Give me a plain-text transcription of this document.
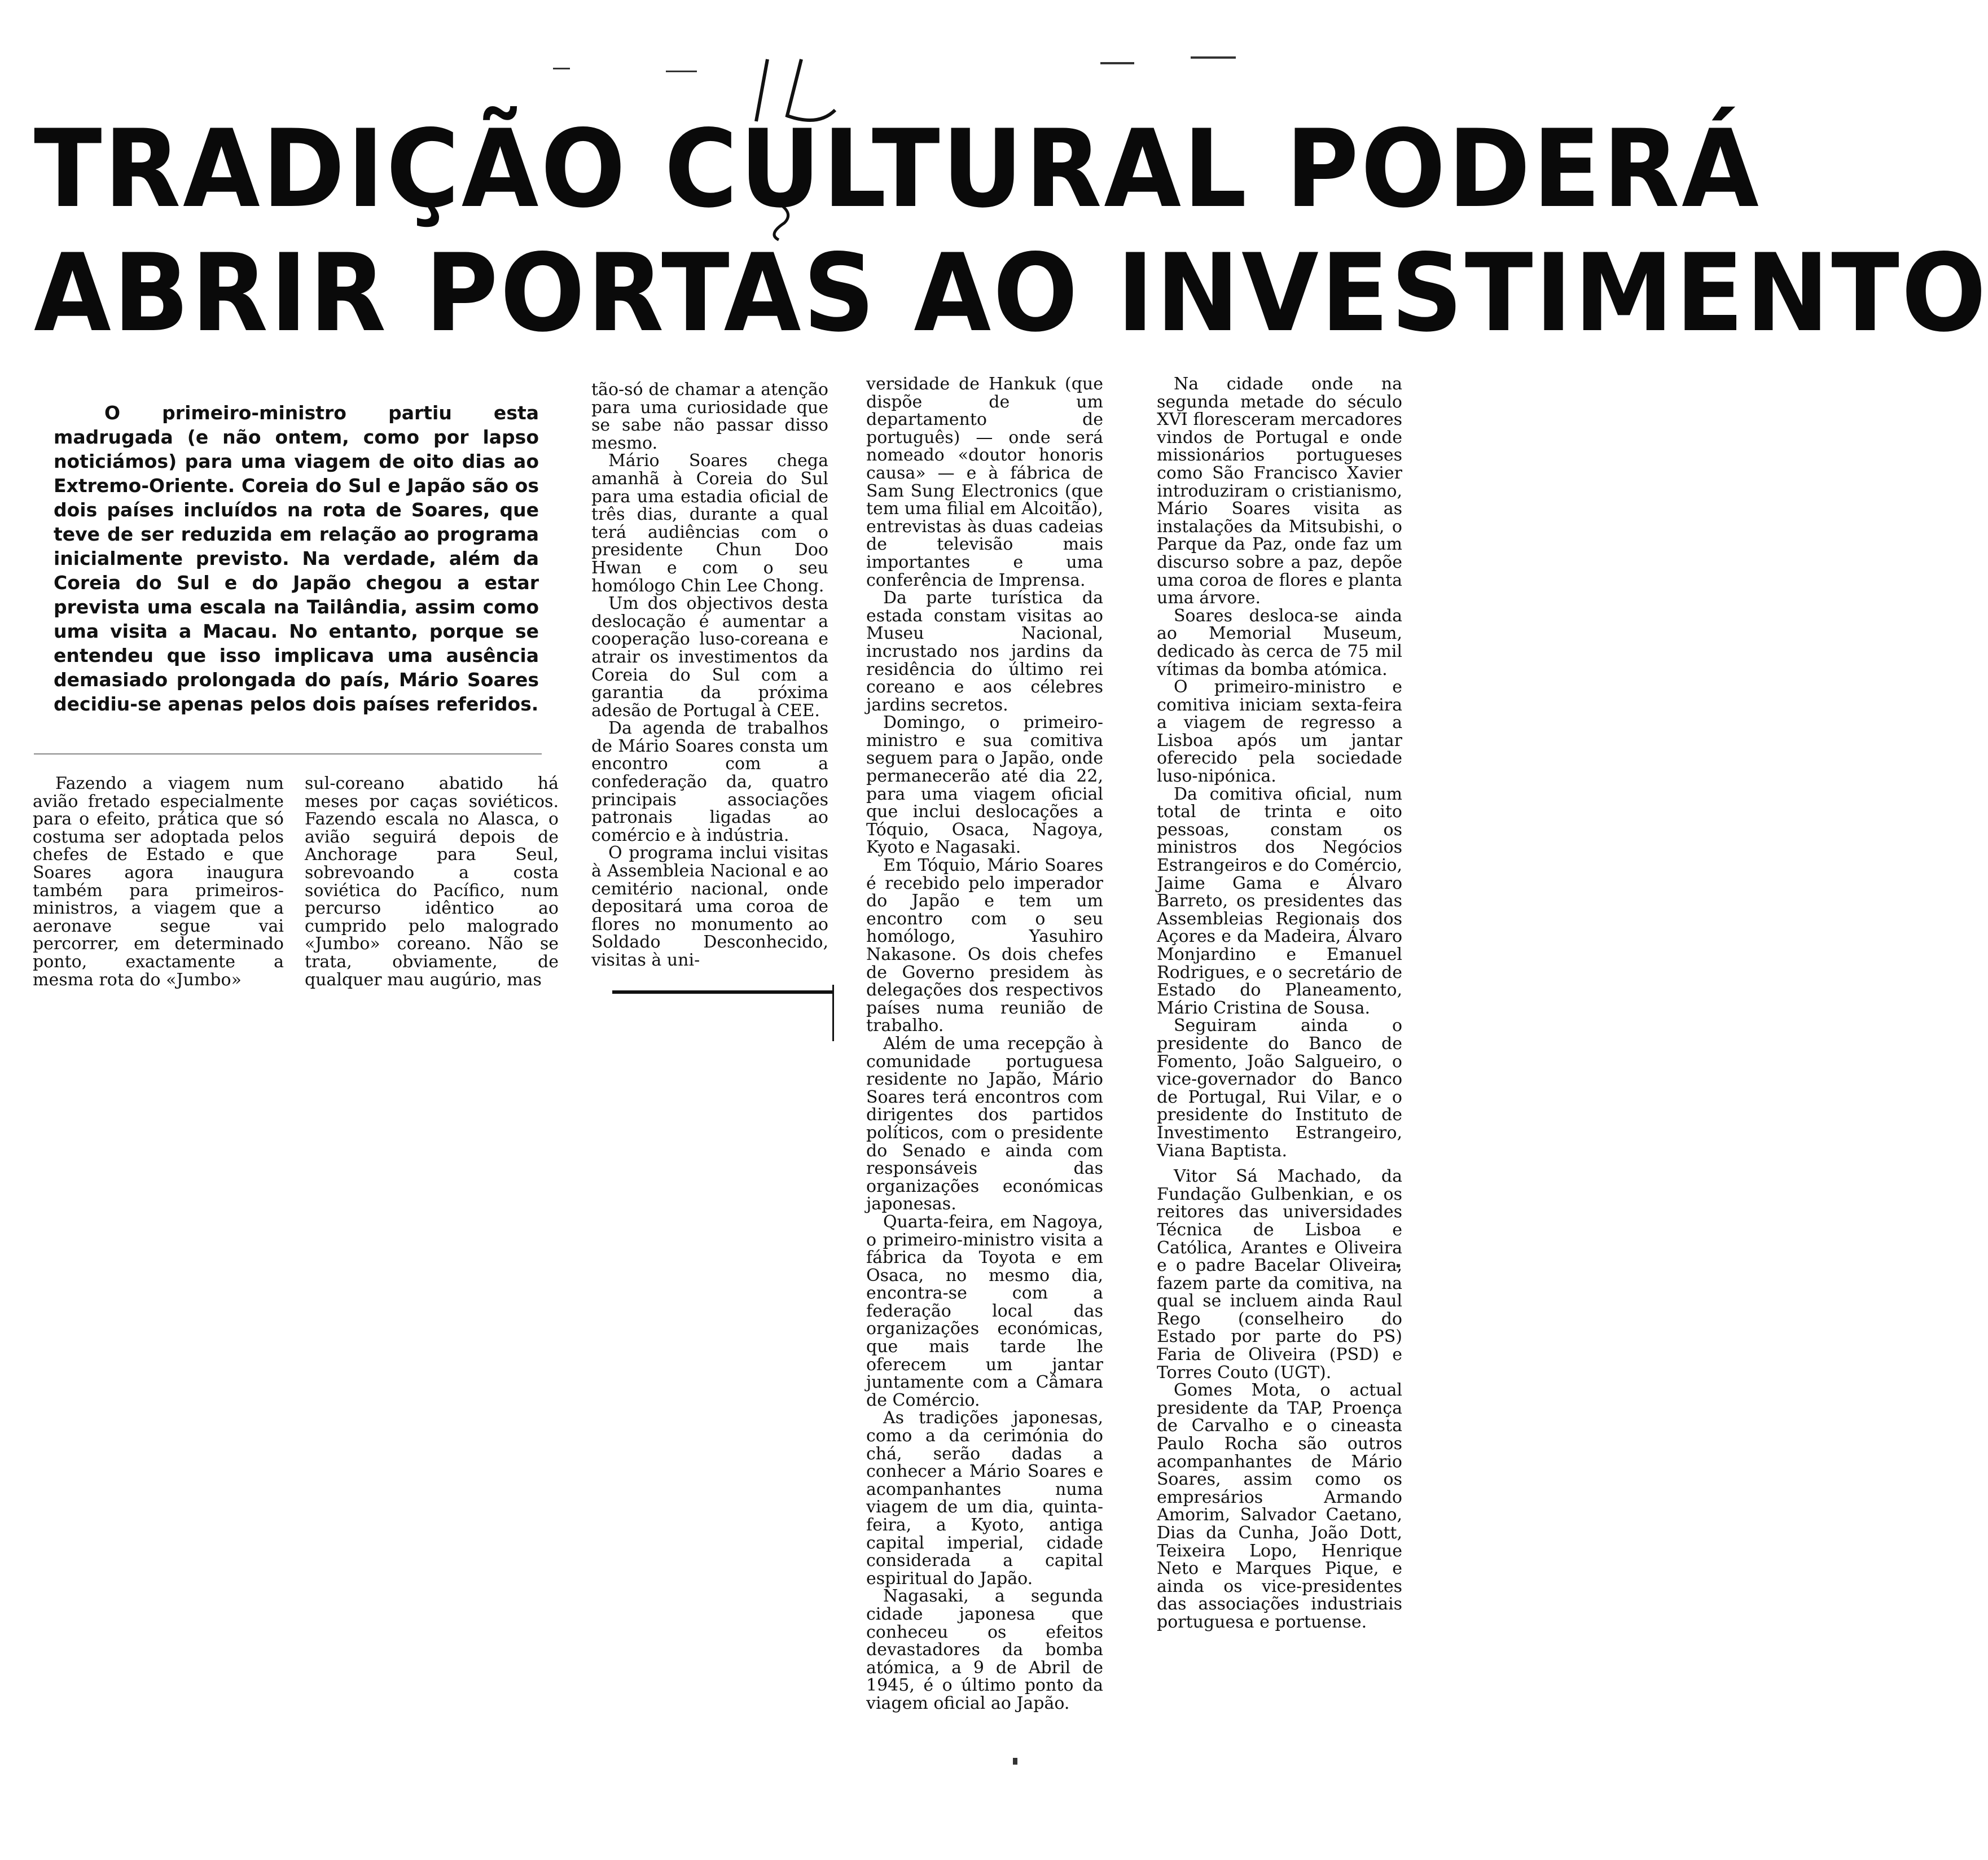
TRADIÇÃO CULTURAL PODERÁ
ABRIR PORTAS AO INVESTIMENTO

O primeiro-ministro partiu esta madrugada (e não ontem, como por lapso noticiámos) para uma viagem de oito dias ao Extremo-Oriente. Coreia do Sul e Japão são os dois países incluídos na rota de Soares, que teve de ser reduzida em relação ao programa inicialmente previsto. Na verdade, além da Coreia do Sul e do Japão chegou a estar prevista uma escala na Tailândia, assim como uma visita a Macau. No entanto, porque se entendeu que isso implicava uma ausência demasiado prolongada do país, Mário Soares decidiu-se apenas pelos dois países referidos.

Fazendo a viagem num avião fretado especialmente para o efeito, prática que só costuma ser adoptada pelos chefes de Estado e que Soares agora inaugura também para primeiros-ministros, a viagem que a aeronave segue vai percorrer, em determinado ponto, exactamente a mesma rota do «Jumbo»

sul-coreano abatido há meses por caças soviéticos. Fazendo escala no Alasca, o avião seguirá depois de Anchorage para Seul, sobrevoando a costa soviética do Pacífico, num percurso idêntico ao cumprido pelo malogrado «Jumbo» coreano. Não se trata, obviamente, de qualquer mau augúrio, mas

tão-só de chamar a atenção para uma curiosidade que se sabe não passar disso mesmo.

Mário Soares chega amanhã à Coreia do Sul para uma estadia oficial de três dias, durante a qual terá audiências com o presidente Chun Doo Hwan e com o seu homólogo Chin Lee Chong.

Um dos objectivos desta deslocação é aumentar a cooperação luso-coreana e atrair os investimentos da Coreia do Sul com a garantia da próxima adesão de Portugal à CEE.

Da agenda de trabalhos de Mário Soares consta um encontro com a confederação da, quatro principais associações patronais ligadas ao comércio e à indústria.

O programa inclui visitas à Assembleia Nacional e ao cemitério nacional, onde depositará uma coroa de flores no monumento ao Soldado Desconhecido, visitas à uni-

versidade de Hankuk (que dispõe de um departamento de português) — onde será nomeado «doutor honoris causa» — e à fábrica de Sam Sung Electronics (que tem uma filial em Alcoitão), entrevistas às duas cadeias de televisão mais importantes e uma conferência de Imprensa.

Da parte turística da estada constam visitas ao Museu Nacional, incrustado nos jardins da residência do último rei coreano e aos célebres jardins secretos.

Domingo, o primeiro-ministro e sua comitiva seguem para o Japão, onde permanecerão até dia 22, para uma viagem oficial que inclui deslocações a Tóquio, Osaca, Nagoya, Kyoto e Nagasaki.

Em Tóquio, Mário Soares é recebido pelo imperador do Japão e tem um encontro com o seu homólogo, Yasuhiro Nakasone. Os dois chefes de Governo presidem às delegações dos respectivos países numa reunião de trabalho.

Além de uma recepção à comunidade portuguesa residente no Japão, Mário Soares terá encontros com dirigentes dos partidos políticos, com o presidente do Senado e ainda com responsáveis das organizações económicas japonesas.

Quarta-feira, em Nagoya, o primeiro-ministro visita a fábrica da Toyota e em Osaca, no mesmo dia, encontra-se com a federação local das organizações económicas, que mais tarde lhe oferecem um jantar juntamente com a Câmara de Comércio.

As tradições japonesas, como a da cerimónia do chá, serão dadas a conhecer a Mário Soares e acompanhantes numa viagem de um dia, quinta-feira, a Kyoto, antiga capital imperial, cidade considerada a capital espiritual do Japão.

Nagasaki, a segunda cidade japonesa que conheceu os efeitos devastadores da bomba atómica, a 9 de Abril de 1945, é o último ponto da viagem oficial ao Japão.

Na cidade onde na segunda metade do século XVI floresceram mercadores vindos de Portugal e onde missionários portugueses como São Francisco Xavier introduziram o cristianismo, Mário Soares visita as instalações da Mitsubishi, o Parque da Paz, onde faz um discurso sobre a paz, depõe uma coroa de flores e planta uma árvore.

Soares desloca-se ainda ao Memorial Museum, dedicado às cerca de 75 mil vítimas da bomba atómica.

O primeiro-ministro e comitiva iniciam sexta-feira a viagem de regresso a Lisboa após um jantar oferecido pela sociedade luso-nipónica.

Da comitiva oficial, num total de trinta e oito pessoas, constam os ministros dos Negócios Estrangeiros e do Comércio, Jaime Gama e Álvaro Barreto, os presidentes das Assembleias Regionais dos Açores e da Madeira, Álvaro Monjardino e Emanuel Rodrigues, e o secretário de Estado do Planeamento, Mário Cristina de Sousa.

Seguiram ainda o presidente do Banco de Fomento, João Salgueiro, o vice-governador do Banco de Portugal, Rui Vilar, e o presidente do Instituto de Investimento Estrangeiro, Viana Baptista.

Vitor Sá Machado, da Fundação Gulbenkian, e os reitores das universidades Técnica de Lisboa e Católica, Arantes e Oliveira e o padre Bacelar Oliveira, fazem parte da comitiva, na qual se incluem ainda Raul Rego (conselheiro do Estado por parte do PS) Faria de Oliveira (PSD) e Torres Couto (UGT).

Gomes Mota, o actual presidente da TAP, Proença de Carvalho e o cineasta Paulo Rocha são outros acompanhantes de Mário Soares, assim como os empresários Armando Amorim, Salvador Caetano, Dias da Cunha, João Dott, Teixeira Lopo, Henrique Neto e Marques Pique, e ainda os vice-presidentes das associações industriais portuguesa e portuense.
